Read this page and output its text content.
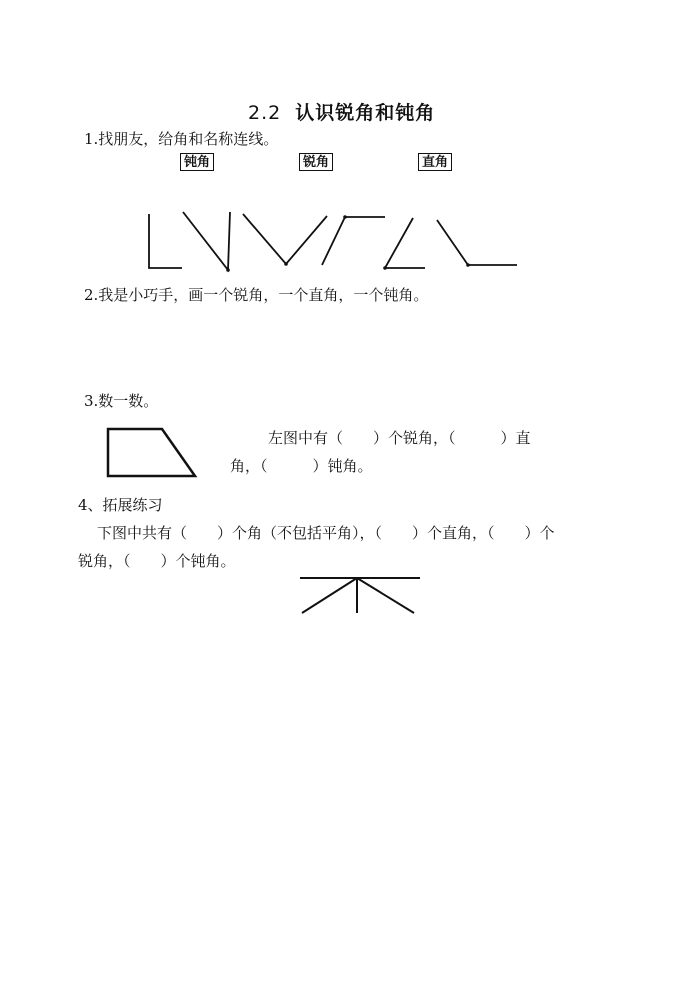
2.2 认识锐角和钝角
1.找朋友，给角和名称连线。
钝角	锐角	直角
2.我是小巧手，画一个锐角，一个直角，一个钝角。
3.数一数。
左图中有（　　）个锐角，（　　　）直
角，（　　　）钝角。
4、拓展练习
下图中共有（　　）个角（不包括平角），（　　）个直角，（　　）个
锐角，（　　）个钝角。
